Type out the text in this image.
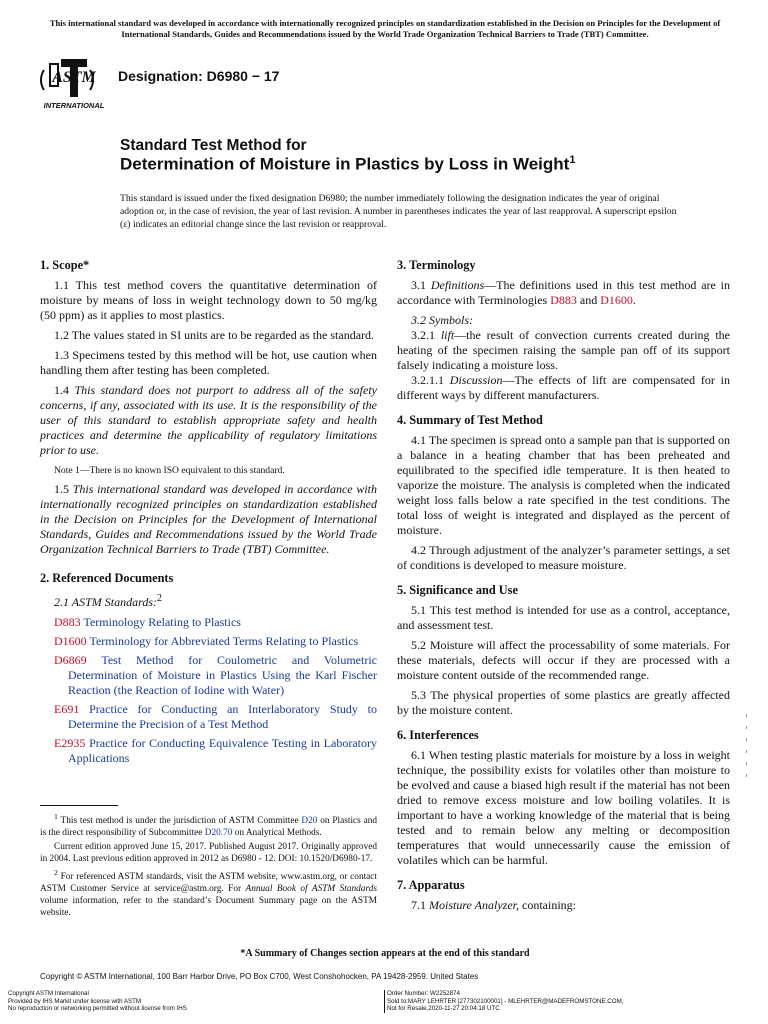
This international standard was developed in accordance with internationally recognized principles on standardization established in the Decision on Principles for the Development of International Standards, Guides and Recommendations issued by the World Trade Organization Technical Barriers to Trade (TBT) Committee.
ASTM
INTERNATIONAL
Designation: D6980 − 17
Standard Test Method for
Determination of Moisture in Plastics by Loss in Weight$^1$
This standard is issued under the fixed designation D6980; the number immediately following the designation indicates the year of original adoption or, in the case of revision, the year of last revision. A number in parentheses indicates the year of last reapproval. A superscript epsilon (ε) indicates an editorial change since the last revision or reapproval.
1. Scope*
1.1 This test method covers the quantitative determination of moisture by means of loss in weight technology down to 50 mg/kg (50 ppm) as it applies to most plastics.
1.2 The values stated in SI units are to be regarded as the standard.
1.3 Specimens tested by this method will be hot, use caution when handling them after testing has been completed.
1.4 This standard does not purport to address all of the safety concerns, if any, associated with its use. It is the responsibility of the user of this standard to establish appropriate safety and health practices and determine the applicability of regulatory limitations prior to use.
Note 1—There is no known ISO equivalent to this standard.
1.5 This international standard was developed in accordance with internationally recognized principles on standardization established in the Decision on Principles for the Development of International Standards, Guides and Recommendations issued by the World Trade Organization Technical Barriers to Trade (TBT) Committee.
2. Referenced Documents
2.1 ASTM Standards:$^2$
D883 Terminology Relating to Plastics
D1600 Terminology for Abbreviated Terms Relating to Plastics
D6869 Test Method for Coulometric and Volumetric Determination of Moisture in Plastics Using the Karl Fischer Reaction (the Reaction of Iodine with Water)
E691 Practice for Conducting an Interlaboratory Study to Determine the Precision of a Test Method
E2935 Practice for Conducting Equivalence Testing in Laboratory Applications
$^1$ This test method is under the jurisdiction of ASTM Committee D20 on Plastics and is the direct responsibility of Subcommittee D20.70 on Analytical Methods.
Current edition approved June 15, 2017. Published August 2017. Originally approved in 2004. Last previous edition approved in 2012 as D6980 - 12. DOI: 10.1520/D6980-17.
$^2$ For referenced ASTM standards, visit the ASTM website, www.astm.org, or contact ASTM Customer Service at service@astm.org. For Annual Book of ASTM Standards volume information, refer to the standard’s Document Summary page on the ASTM website.
3. Terminology
3.1 Definitions—The definitions used in this test method are in accordance with Terminologies D883 and D1600.
3.2 Symbols:
3.2.1 lift—the result of convection currents created during the heating of the specimen raising the sample pan off of its support falsely indicating a moisture loss.
3.2.1.1 Discussion—The effects of lift are compensated for in different ways by different manufacturers.
4. Summary of Test Method
4.1 The specimen is spread onto a sample pan that is supported on a balance in a heating chamber that has been preheated and equilibrated to the specified idle temperature. It is then heated to vaporize the moisture. The analysis is completed when the indicated weight loss falls below a rate specified in the test conditions. The total loss of weight is integrated and displayed as the percent of moisture.
4.2 Through adjustment of the analyzer’s parameter settings, a set of conditions is developed to measure moisture.
5. Significance and Use
5.1 This test method is intended for use as a control, acceptance, and assessment test.
5.2 Moisture will affect the processability of some materials. For these materials, defects will occur if they are processed with a moisture content outside of the recommended range.
5.3 The physical properties of some plastics are greatly affected by the moisture content.
6. Interferences
6.1 When testing plastic materials for moisture by a loss in weight technique, the possibility exists for volatiles other than moisture to be evolved and cause a biased high result if the material has not been dried to remove excess moisture and low boiling volatiles. It is important to have a working knowledge of the material that is being tested and to remain below any melting or decomposition temperatures that would unnecessarily cause the emission of volatiles which can be harmful.
7. Apparatus
7.1 Moisture Analyzer, containing:
*A Summary of Changes section appears at the end of this standard
Copyright © ASTM International, 100 Barr Harbor Drive, PO Box C700, West Conshohocken, PA 19428-2959. United States
Copyright ASTM International
Provided by IHS Markit under license with ASTM
No reproduction or networking permitted without license from IHS
Order Number: W2252874
Sold to:MARY LEHRTER [277302100001] - MLEHRTER@MADEFROMSTONE.COM,
Not for Resale,2020-11-27 20:04:18 UTC
